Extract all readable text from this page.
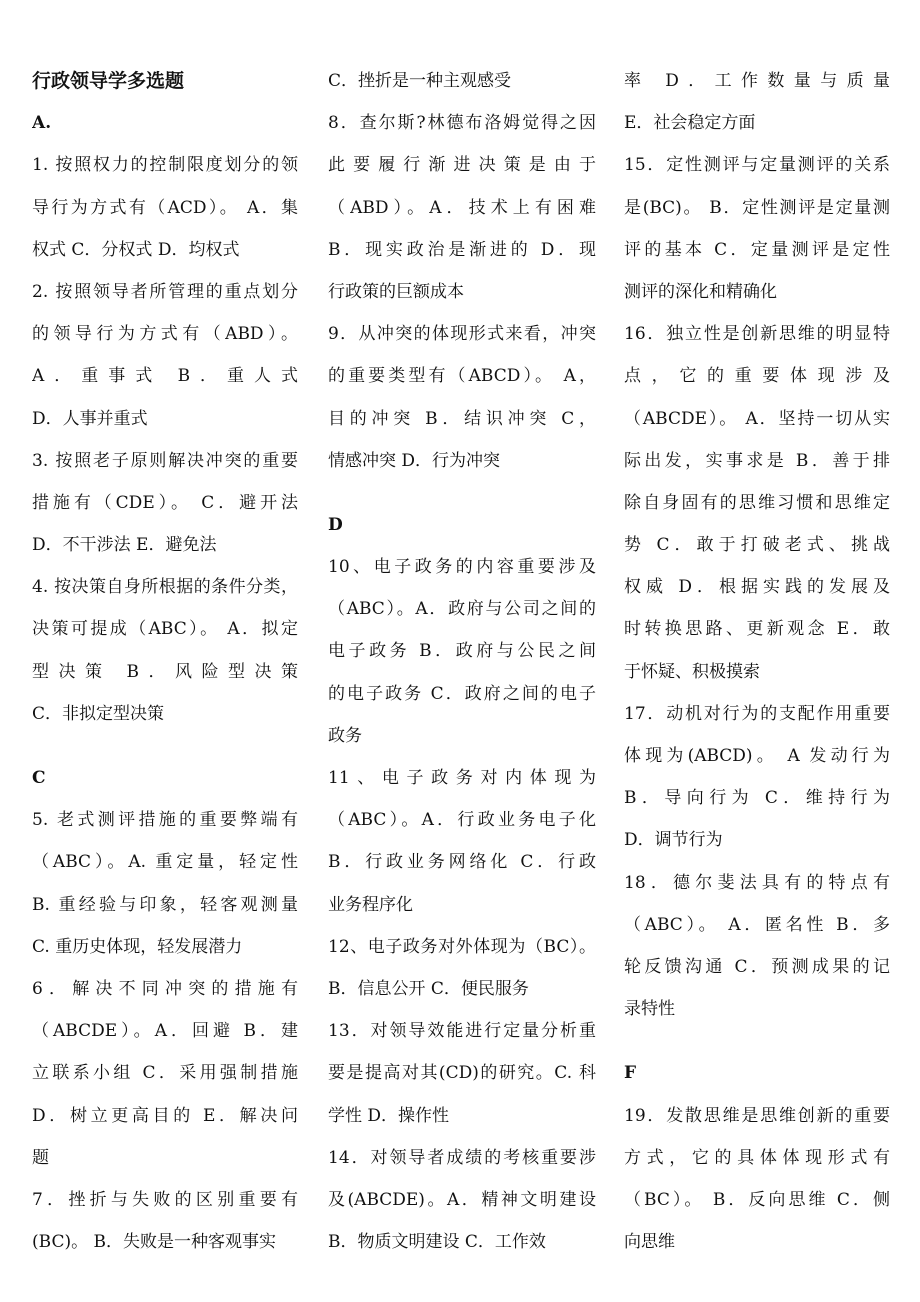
行政领导学多选题
A.
1. 按照权力的控制限度划分的领
导行为方式有（ACD）。 A．集
权式 C．分权式 D．均权式
2. 按照领导者所管理的重点划分
的领导行为方式有（ABD）。
A．重事式 B．重人式
D．人事并重式
3. 按照老子原则解决冲突的重要
措施有（CDE）。 C．避开法
D．不干涉法 E．避免法
4. 按决策自身所根据的条件分类，
决策可提成（ABC）。 A．拟定
型决策 B．风险型决策
C．非拟定型决策
C
5. 老式测评措施的重要弊端有
（ABC）。A. 重定量，轻定性
B. 重经验与印象，轻客观测量
C. 重历史体现，轻发展潜力
6．解决不同冲突的措施有
（ABCDE）。A．回避 B．建
立联系小组 C．采用强制措施
D．树立更高目的 E．解决问
题
7．挫折与失败的区别重要有
(BC)。 B．失败是一种客观事实
C．挫折是一种主观感受
8．查尔斯?林德布洛姆觉得之因
此要履行渐进决策是由于
（ABD）。A．技术上有困难
B．现实政治是渐进的 D．现
行政策的巨额成本
9．从冲突的体现形式来看，冲突
的重要类型有（ABCD）。 A，
目的冲突 B．结识冲突 C，
情感冲突 D．行为冲突
D
10、电子政务的内容重要涉及
（ABC）。A．政府与公司之间的
电子政务 B．政府与公民之间
的电子政务 C．政府之间的电子
政务
11、电子政务对内体现为
（ABC）。A．行政业务电子化
B．行政业务网络化 C．行政
业务程序化
12、电子政务对外体现为（BC）。
B．信息公开 C．便民服务
13．对领导效能进行定量分析重
要是提高对其(CD)的研究。C. 科
学性 D．操作性
14．对领导者成绩的考核重要涉
及(ABCDE)。A．精神文明建设
B．物质文明建设 C．工作效
率 D．工作数量与质量
E．社会稳定方面
15．定性测评与定量测评的关系
是(BC)。 B．定性测评是定量测
评的基本 C．定量测评是定性
测评的深化和精确化
16．独立性是创新思维的明显特
点，它的重要体现涉及
（ABCDE）。 A．坚持一切从实
际出发，实事求是 B．善于排
除自身固有的思维习惯和思维定
势 C．敢于打破老式、挑战
权威 D．根据实践的发展及
时转换思路、更新观念 E．敢
于怀疑、积极摸索
17．动机对行为的支配作用重要
体现为(ABCD)。 A 发动行为
B．导向行为 C．维持行为
D．调节行为
18．德尔斐法具有的特点有
（ABC）。 A．匿名性 B．多
轮反馈沟通 C．预测成果的记
录特性
F
19．发散思维是思维创新的重要
方式，它的具体体现形式有
（BC）。 B．反向思维 C．侧
向思维
